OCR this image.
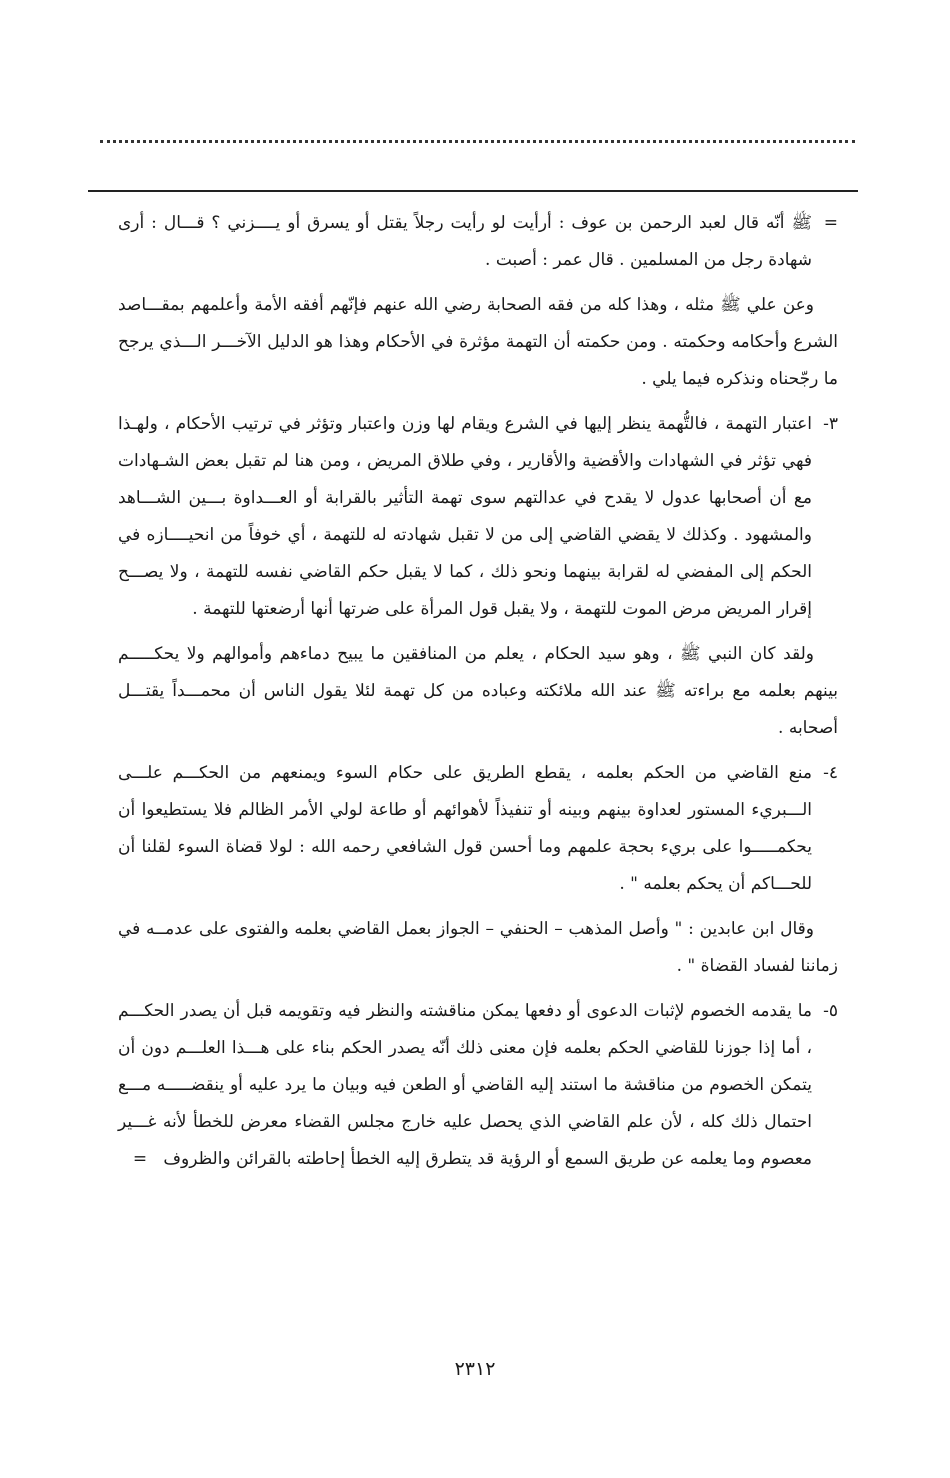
=ﷺ أنّه قال لعبد الرحمن بن عوف : أرأيت لو رأيت رجلاً يقتل أو يسرق أو يــــزني ؟ قـــال : أرى شهادة رجل من المسلمين . قال عمر : أصبت .

وعن علي ﷺ مثله ، وهذا كله من فقه الصحابة رضي الله عنهم فإنّهم أفقه الأمة وأعلمهم بمقـــاصد الشرع وأحكامه وحكمته . ومن حكمته أن التهمة مؤثرة في الأحكام وهذا هو الدليل الآخـــر الـــذي يرجح ما رجّحناه ونذكره فيما يلي .

٣-اعتبار التهمة ، فالتُّهمة ينظر إليها في الشرع ويقام لها وزن واعتبار وتؤثر في ترتيب الأحكام ، ولهـذا فهي تؤثر في الشهادات والأقضية والأقارير ، وفي طلاق المريض ، ومن هنا لم تقبل بعض الشـهادات مع أن أصحابها عدول لا يقدح في عدالتهم سوى تهمة التأثير بالقرابة أو العـــداوة بـــين الشـــاهد والمشهود . وكذلك لا يقضي القاضي إلى من لا تقبل شهادته له للتهمة ، أي خوفاً من انحيــــازه في الحكم إلى المفضي له لقرابة بينهما ونحو ذلك ، كما لا يقبل حكم القاضي نفسه للتهمة ، ولا يصـــح إقرار المريض مرض الموت للتهمة ، ولا يقبل قول المرأة على ضرتها أنها أرضعتها للتهمة .

ولقد كان النبي ﷺ ، وهو سيد الحكام ، يعلم من المنافقين ما يبيح دماءهم وأموالهم ولا يحكـــــم بينهم بعلمه مع براءته ﷺ عند الله ملائكته وعباده من كل تهمة لئلا يقول الناس أن محمـــداً يقتـــل أصحابه .

٤-منع القاضي من الحكم بعلمه ، يقطع الطريق على حكام السوء ويمنعهم من الحكـــم علـــى الـــبريء المستور لعداوة بينهم وبينه أو تنفيذاً لأهوائهم أو طاعة لولي الأمر الظالم فلا يستطيعوا أن يحكمـــــوا على بريء بحجة علمهم وما أحسن قول الشافعي رحمه الله : لولا قضاة السوء لقلنا أن للحـــاكم أن يحكم بعلمه " .

وقال ابن عابدين : " وأصل المذهب – الحنفي – الجواز بعمل القاضي بعلمه والفتوى على عدمــه في زماننا لفساد القضاة " .

٥-ما يقدمه الخصوم لإثبات الدعوى أو دفعها يمكن مناقشته والنظر فيه وتقويمه قبل أن يصدر الحكـــم ، أما إذا جوزنا للقاضي الحكم بعلمه فإن معنى ذلك أنّه يصدر الحكم بناء على هـــذا العلـــم دون أن يتمكن الخصوم من مناقشة ما استند إليه القاضي أو الطعن فيه وبيان ما يرد عليه أو ينقضـــــه مـــع احتمال ذلك كله ، لأن علم القاضي الذي يحصل عليه خارج مجلس القضاء معرض للخطأ لأنه غـــير معصوم وما يعلمه عن طريق السمع أو الرؤية قد يتطرق إليه الخطأ إحاطته بالقرائن والظروف   =

٢٣١٢
